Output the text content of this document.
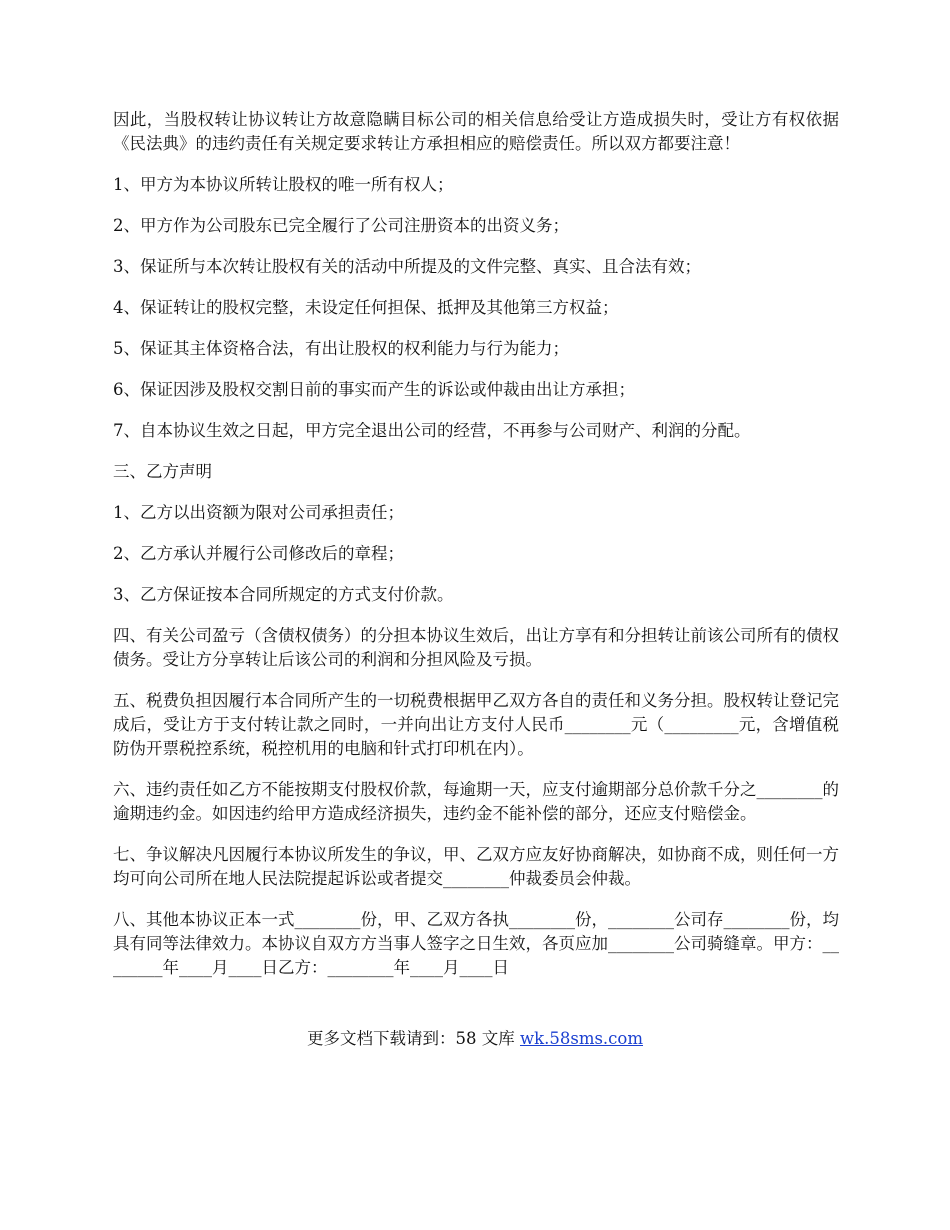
因此，当股权转让协议转让方故意隐瞒目标公司的相关信息给受让方造成损失时，受让方有权依据《民法典》的违约责任有关规定要求转让方承担相应的赔偿责任。所以双方都要注意！

1、甲方为本协议所转让股权的唯一所有权人；

2、甲方作为公司股东已完全履行了公司注册资本的出资义务；

3、保证所与本次转让股权有关的活动中所提及的文件完整、真实、且合法有效；

4、保证转让的股权完整，未设定任何担保、抵押及其他第三方权益；

5、保证其主体资格合法，有出让股权的权利能力与行为能力；

6、保证因涉及股权交割日前的事实而产生的诉讼或仲裁由出让方承担；

7、自本协议生效之日起，甲方完全退出公司的经营，不再参与公司财产、利润的分配。

三、乙方声明

1、乙方以出资额为限对公司承担责任；

2、乙方承认并履行公司修改后的章程；

3、乙方保证按本合同所规定的方式支付价款。

四、有关公司盈亏（含债权债务）的分担本协议生效后，出让方享有和分担转让前该公司所有的债权债务。受让方分享转让后该公司的利润和分担风险及亏损。

五、税费负担因履行本合同所产生的一切税费根据甲乙双方各自的责任和义务分担。股权转让登记完成后，受让方于支付转让款之同时，一并向出让方支付人民币________元（_________元，含增值税防伪开票税控系统，税控机用的电脑和针式打印机在内）。

六、违约责任如乙方不能按期支付股权价款，每逾期一天，应支付逾期部分总价款千分之________的逾期违约金。如因违约给甲方造成经济损失，违约金不能补偿的部分，还应支付赔偿金。

七、争议解决凡因履行本协议所发生的争议，甲、乙双方应友好协商解决，如协商不成，则任何一方均可向公司所在地人民法院提起诉讼或者提交________仲裁委员会仲裁。

八、其他本协议正本一式________份，甲、乙双方各执________份，________公司存________份，均具有同等法律效力。本协议自双方方当事人签字之日生效，各页应加________公司骑缝章。甲方：________年____月____日乙方：________年____月____日

更多文档下载请到：58 文库 wk.58sms.com
